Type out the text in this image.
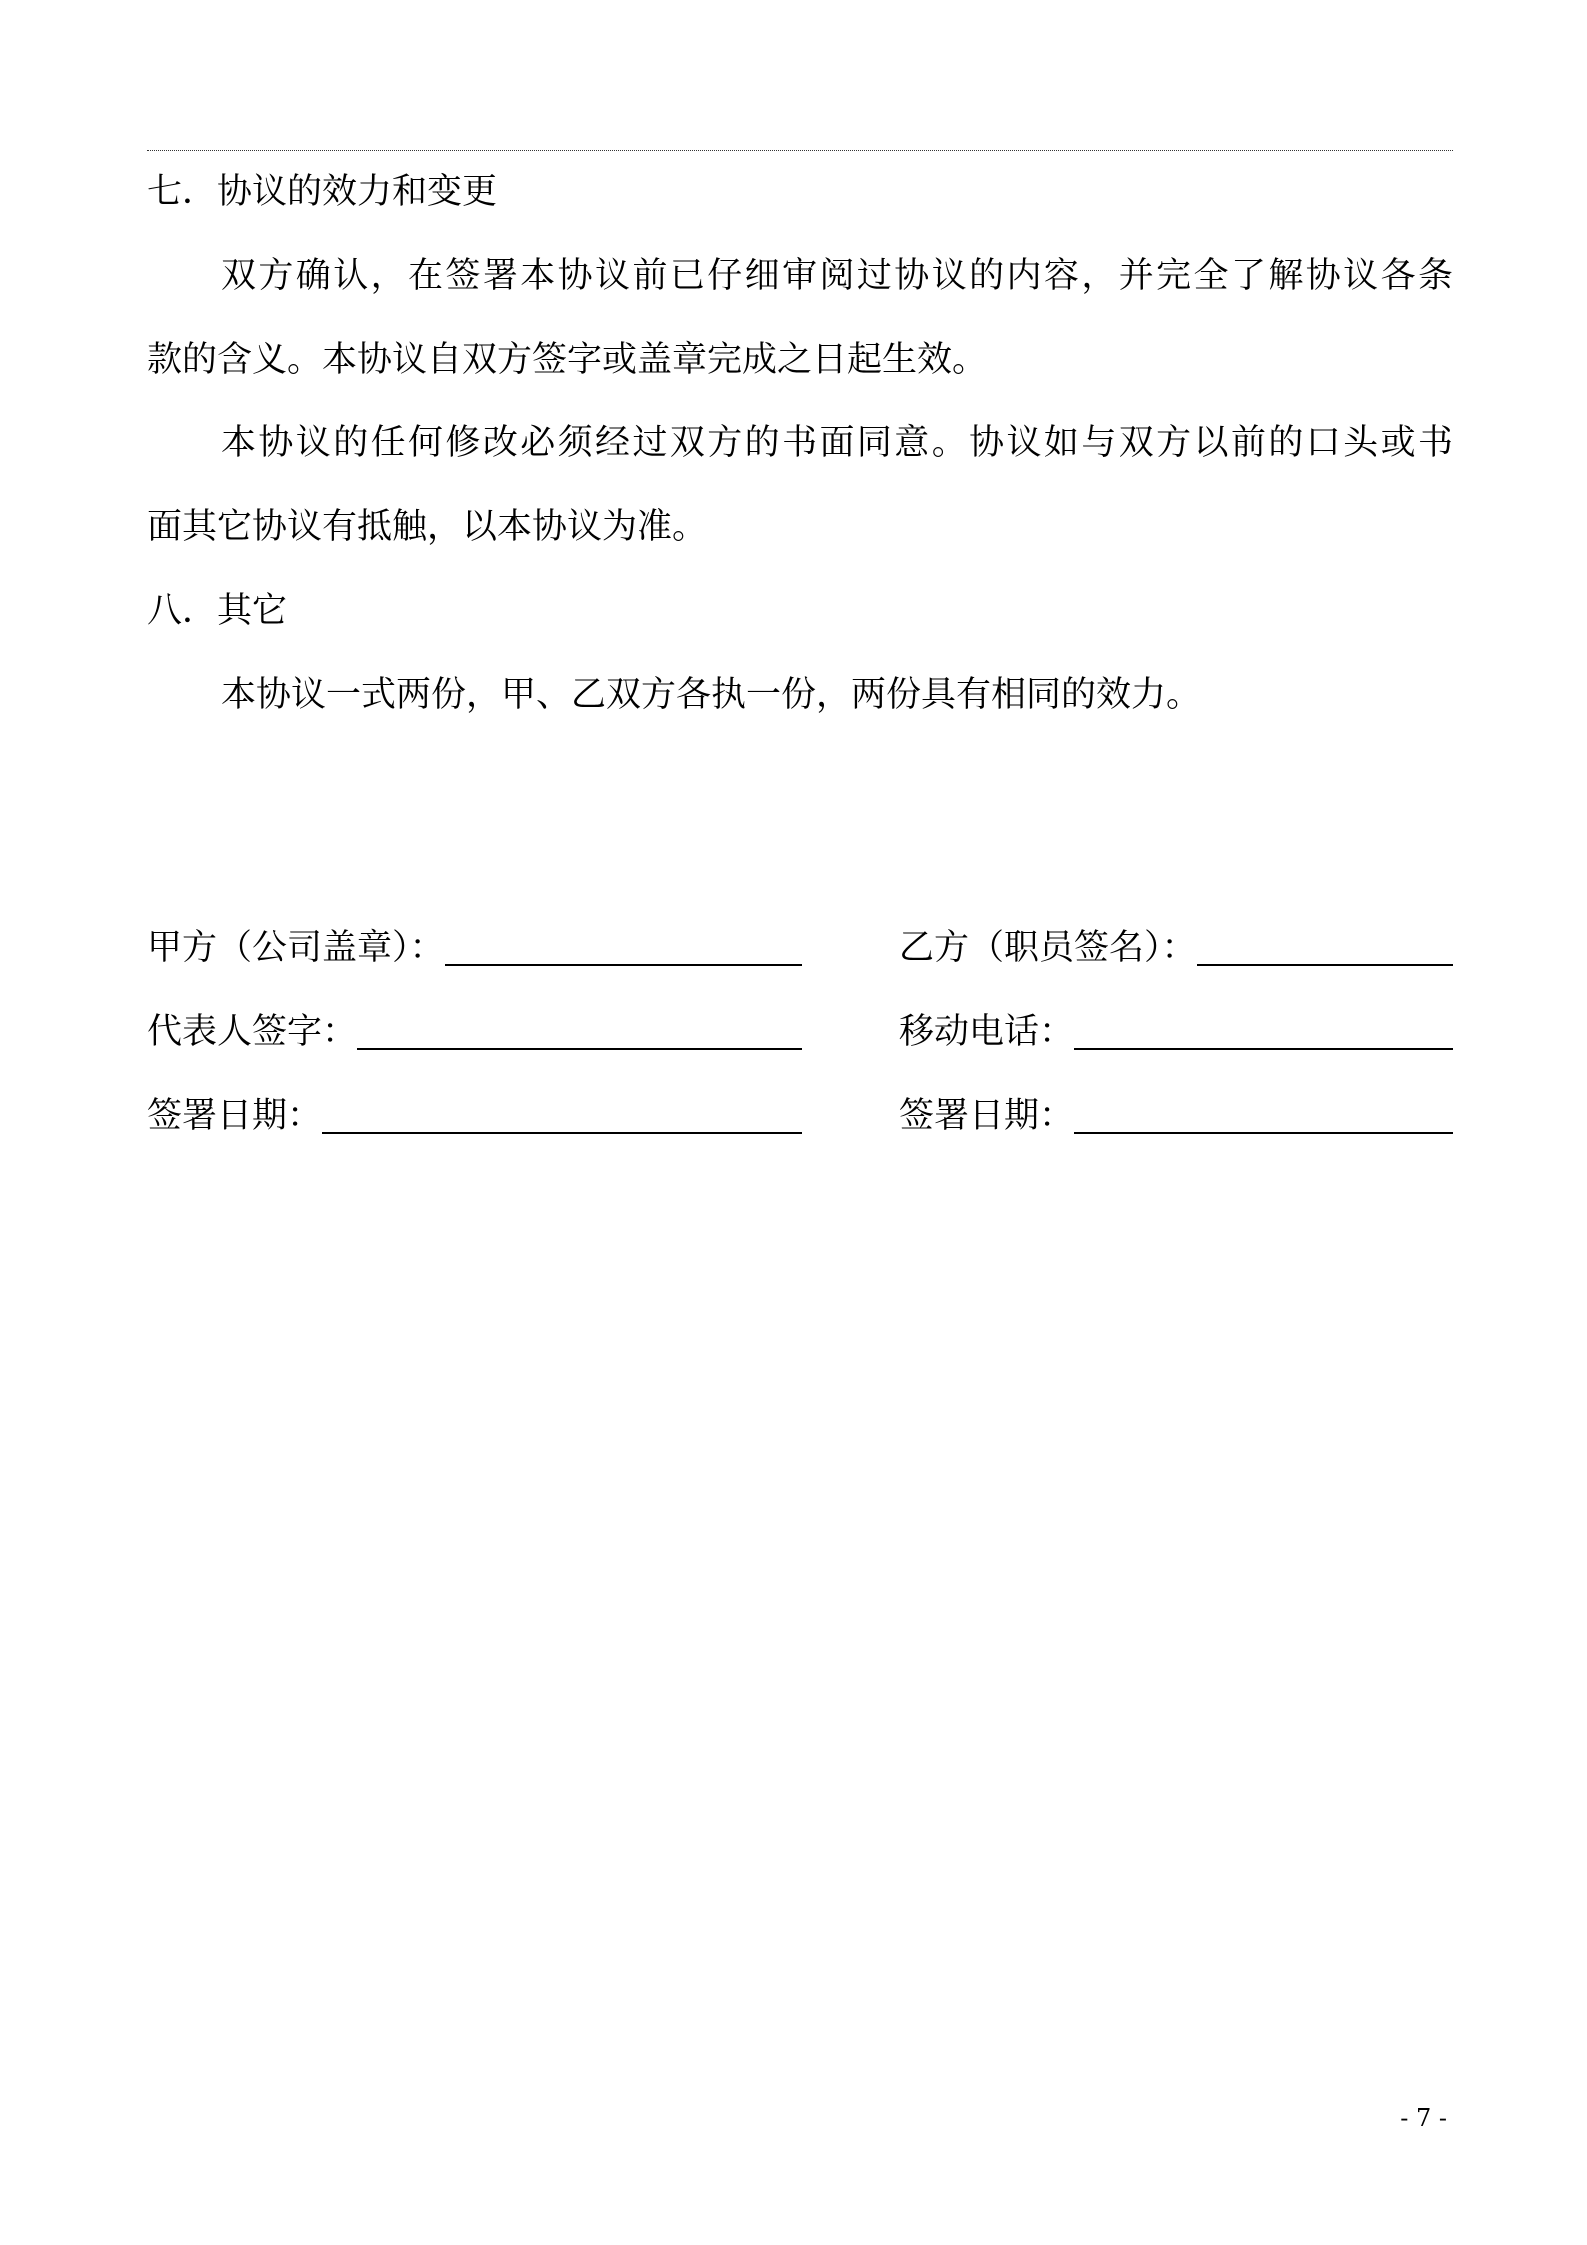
七．协议的效力和变更
双方确认，在签署本协议前已仔细审阅过协议的内容，并完全了解协议各条
款的含义。本协议自双方签字或盖章完成之日起生效。
本协议的任何修改必须经过双方的书面同意。协议如与双方以前的口头或书
面其它协议有抵触，以本协议为准。
八．其它
本协议一式两份，甲、乙双方各执一份，两份具有相同的效力。
甲方（公司盖章）：	乙方（职员签名）：
代表人签字：	移动电话：
签署日期：	签署日期：
- 7 -
